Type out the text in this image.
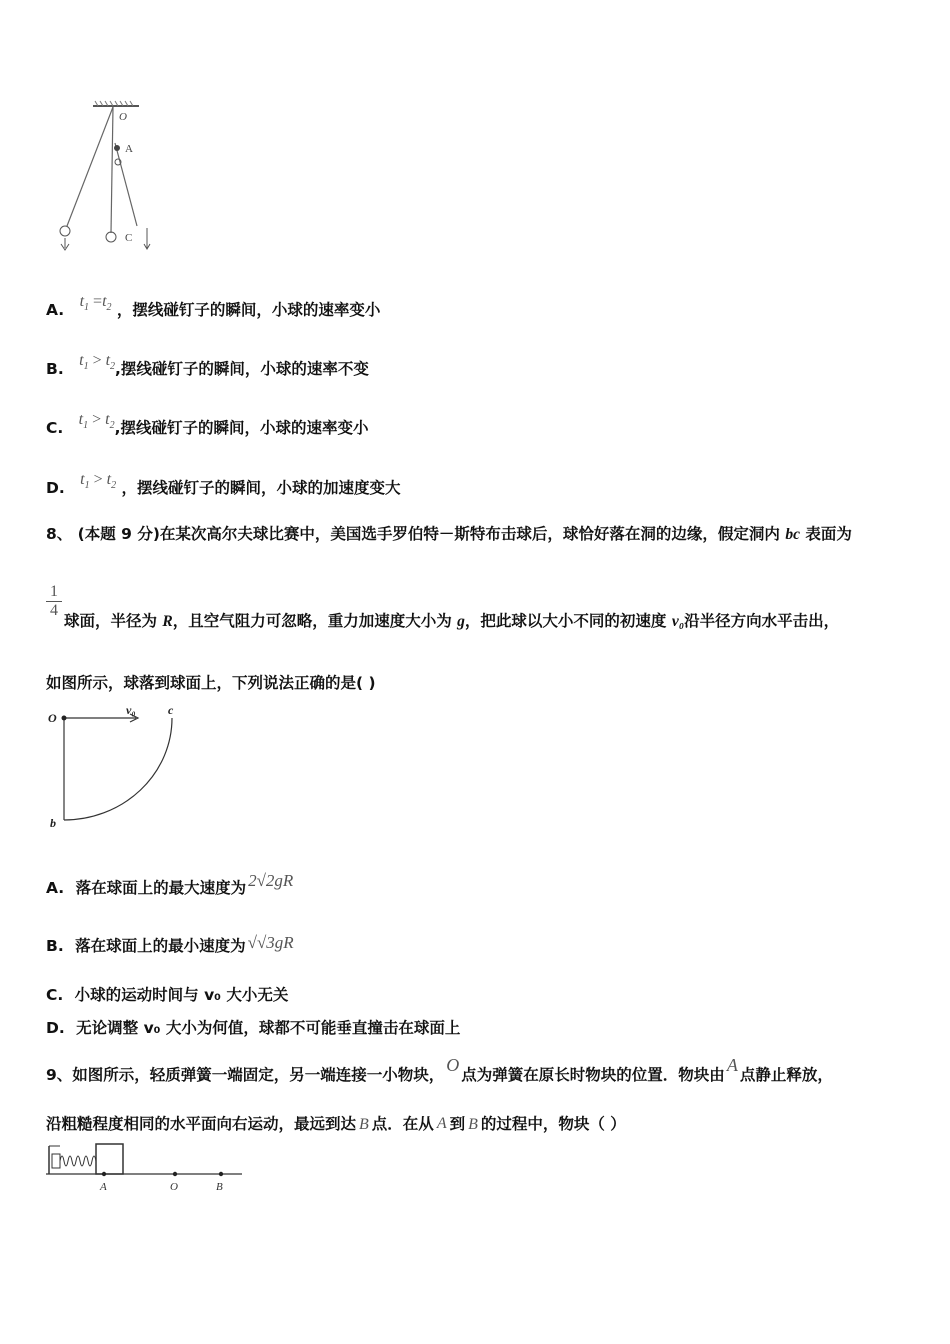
O
A
C
A. $t_1 =t_2$ ，摆线碰钉子的瞬间，小球的速率变小
B. $t_1 > t_2$,摆线碰钉子的瞬间，小球的速率不变
C. $t_1 > t_2$,摆线碰钉子的瞬间，小球的速率变小
D. $t_1 > t_2$ ，摆线碰钉子的瞬间，小球的加速度变大
8、 (本题 9 分)在某次高尔夫球比赛中，美国选手罗伯特－斯特布击球后，球恰好落在洞的边缘，假定洞内 bc 表面为
$\frac{1}{4}$
球面，半径为 R，且空气阻力可忽略，重力加速度大小为 g，把此球以大小不同的初速度 v₀沿半径方向水平击出，
如图所示，球落到球面上，下列说法正确的是( )
O
v₀	c
b
A. 落在球面上的最大速度为 2√2gR
B. 落在球面上的最小速度为 √√3gR
C. 小球的运动时间与 v₀ 大小无关
D. 无论调整 v₀ 大小为何值，球都不可能垂直撞击在球面上
9、如图所示，轻质弹簧一端固定，另一端连接一小物块， O 点为弹簧在原长时物块的位置．物块由 A 点静止释放，
沿粗糙程度相同的水平面向右运动，最远到达 B 点．在从 A 到 B 的过程中，物块（ ）
A	O	B
